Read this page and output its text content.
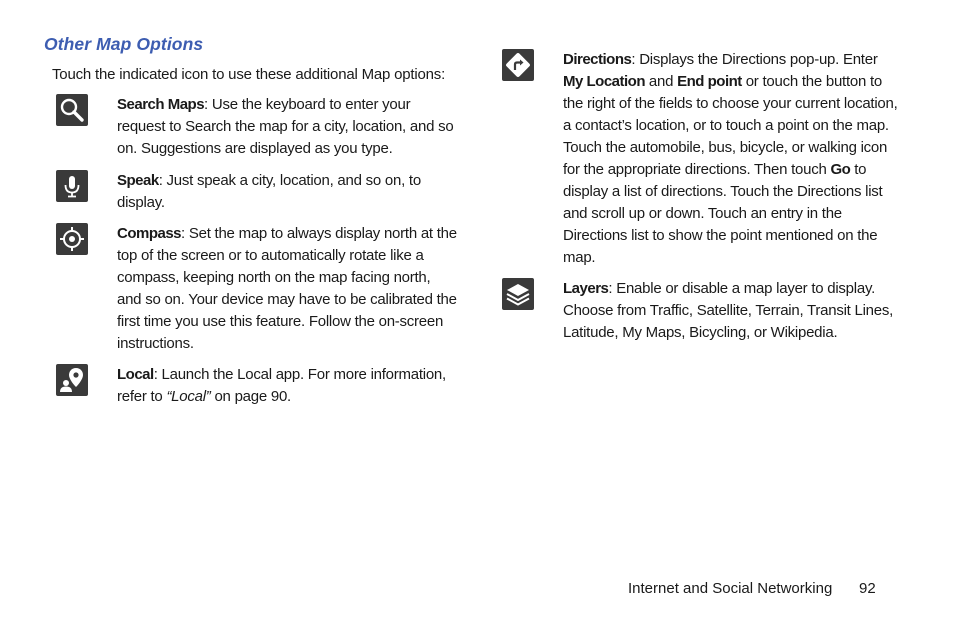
Other Map Options
Touch the indicated icon to use these additional Map options:
Search Maps: Use the keyboard to enter your request to Search the map for a city, location, and so on. Suggestions are displayed as you type.
Speak: Just speak a city, location, and so on, to display.
Compass: Set the map to always display north at the top of the screen or to automatically rotate like a compass, keeping north on the map facing north, and so on. Your device may have to be calibrated the first time you use this feature. Follow the on-screen instructions.
Local: Launch the Local app. For more information, refer to “Local” on page 90.
Directions: Displays the Directions pop-up. Enter My Location and End point or touch the button to the right of the fields to choose your current location, a contact’s location, or to touch a point on the map. Touch the automobile, bus, bicycle, or walking icon for the appropriate directions. Then touch Go to display a list of directions. Touch the Directions list and scroll up or down. Touch an entry in the Directions list to show the point mentioned on the map.
Layers: Enable or disable a map layer to display. Choose from Traffic, Satellite, Terrain, Transit Lines, Latitude, My Maps, Bicycling, or Wikipedia.
Internet and Social Networking 92
